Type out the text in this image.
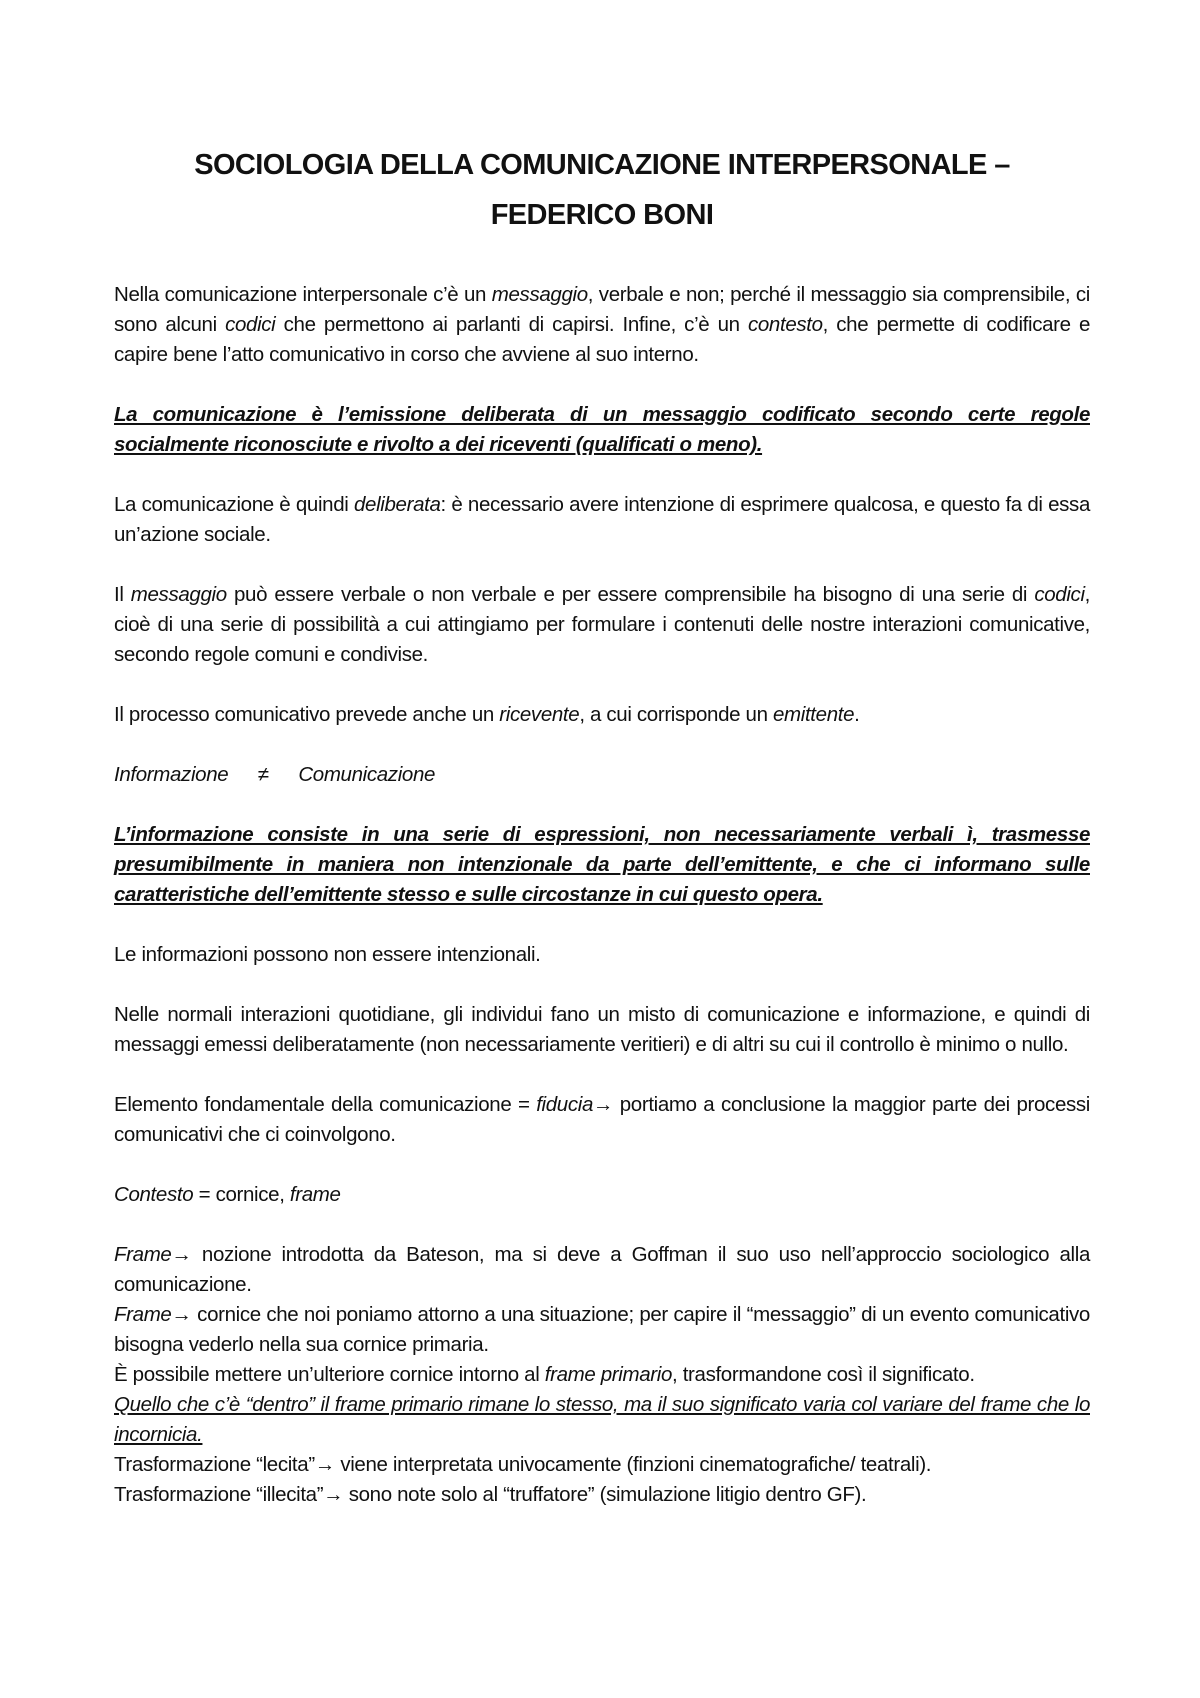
SOCIOLOGIA DELLA COMUNICAZIONE INTERPERSONALE –
FEDERICO BONI

Nella comunicazione interpersonale c’è un messaggio, verbale e non; perché il messaggio sia comprensibile, ci sono alcuni codici che permettono ai parlanti di capirsi. Infine, c’è un contesto, che permette di codificare e capire bene l’atto comunicativo in corso che avviene al suo interno.

La comunicazione è l’emissione deliberata di un messaggio codificato secondo certe regole socialmente riconosciute e rivolto a dei riceventi (qualificati o meno).

La comunicazione è quindi deliberata: è necessario avere intenzione di esprimere qualcosa, e questo fa di essa un’azione sociale.

Il messaggio può essere verbale o non verbale e per essere comprensibile ha bisogno di una serie di codici, cioè di una serie di possibilità a cui attingiamo per formulare i contenuti delle nostre interazioni comunicative, secondo regole comuni e condivise.

Il processo comunicativo prevede anche un ricevente, a cui corrisponde un emittente.

Informazione ≠ Comunicazione

L’informazione consiste in una serie di espressioni, non necessariamente verbali ì, trasmesse presumibilmente in maniera non intenzionale da parte dell’emittente, e che ci informano sulle caratteristiche dell’emittente stesso e sulle circostanze in cui questo opera.

Le informazioni possono non essere intenzionali.

Nelle normali interazioni quotidiane, gli individui fano un misto di comunicazione e informazione, e quindi di messaggi emessi deliberatamente (non necessariamente veritieri) e di altri su cui il controllo è minimo o nullo.

Elemento fondamentale della comunicazione = fiducia→ portiamo a conclusione la maggior parte dei processi comunicativi che ci coinvolgono.

Contesto = cornice, frame

Frame→ nozione introdotta da Bateson, ma si deve a Goffman il suo uso nell’approccio sociologico alla comunicazione.
Frame→ cornice che noi poniamo attorno a una situazione; per capire il “messaggio” di un evento comunicativo bisogna vederlo nella sua cornice primaria.
È possibile mettere un’ulteriore cornice intorno al frame primario, trasformandone così il significato.
Quello che c’è “dentro” il frame primario rimane lo stesso, ma il suo significato varia col variare del frame che lo incornicia.
Trasformazione “lecita”→ viene interpretata univocamente (finzioni cinematografiche/ teatrali).
Trasformazione “illecita”→ sono note solo al “truffatore” (simulazione litigio dentro GF).
